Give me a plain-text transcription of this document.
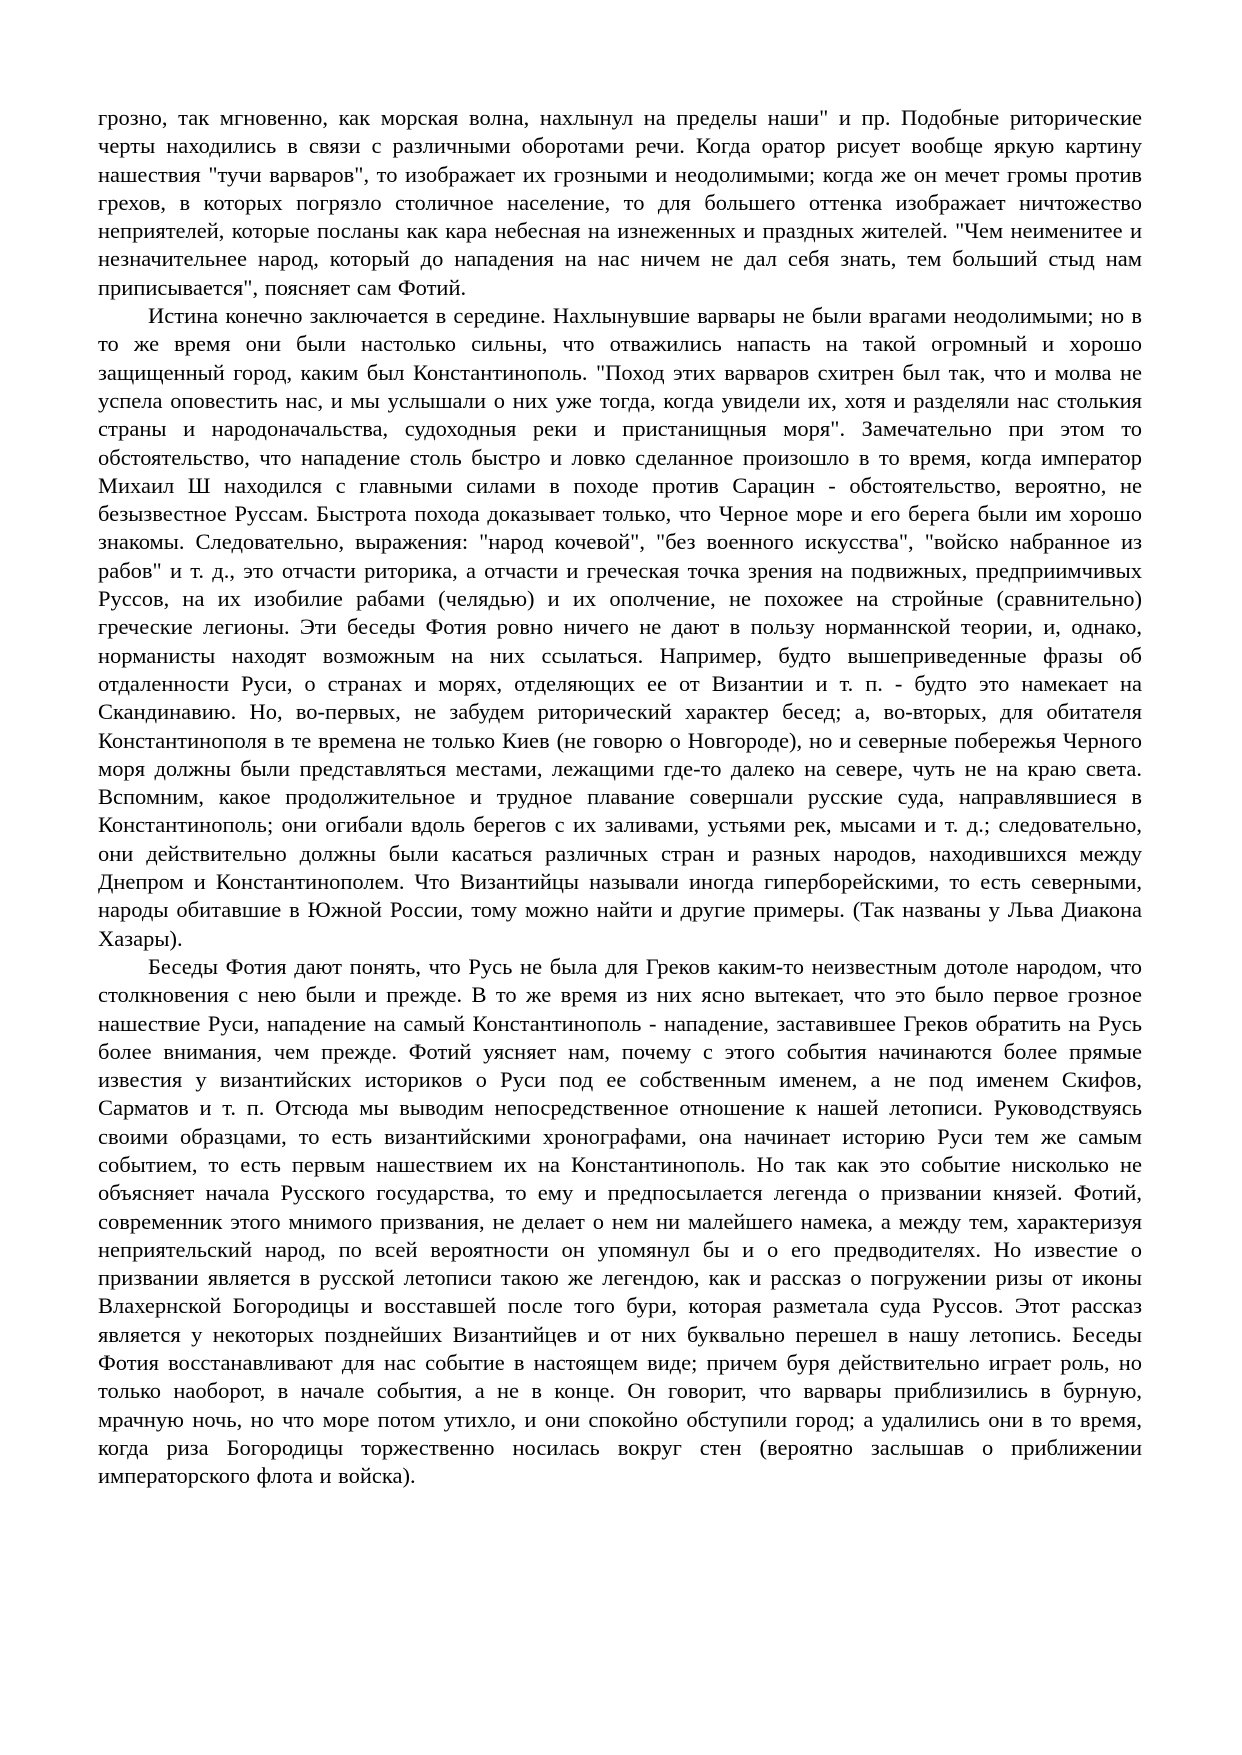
грозно, так мгновенно, как морская волна, нахлынул на пределы наши" и пр. Подобные риторические черты находились в связи с различными оборотами речи. Когда оратор рисует вообще яркую картину нашествия "тучи варваров", то изображает их грозными и неодолимыми; когда же он мечет громы против грехов, в которых погрязло столичное население, то для большего оттенка изображает ничтожество неприятелей, которые посланы как кара небесная на изнеженных и праздных жителей. "Чем неименитее и незначительнее народ, который до нападения на нас ничем не дал себя знать, тем больший стыд нам приписывается", поясняет сам Фотий.

Истина конечно заключается в середине. Нахлынувшие варвары не были врагами неодолимыми; но в то же время они были настолько сильны, что отважились напасть на такой огромный и хорошо защищенный город, каким был Константинополь. "Поход этих варваров схитрен был так, что и молва не успела оповестить нас, и мы услышали о них уже тогда, когда увидели их, хотя и разделяли нас столькия страны и народоначальства, судоходныя реки и пристанищныя моря". Замечательно при этом то обстоятельство, что нападение столь быстро и ловко сделанное произошло в то время, когда император Михаил Ш находился с главными силами в походе против Сарацин - обстоятельство, вероятно, не безызвестное Руссам. Быстрота похода доказывает только, что Черное море и его берега были им хорошо знакомы. Следовательно, выражения: "народ кочевой", "без военного искусства", "войско набранное из рабов" и т. д., это отчасти риторика, а отчасти и греческая точка зрения на подвижных, предприимчивых Руссов, на их изобилие рабами (челядью) и их ополчение, не похожее на стройные (сравнительно) греческие легионы. Эти беседы Фотия ровно ничего не дают в пользу норманнской теории, и, однако, норманисты находят возможным на них ссылаться. Например, будто вышеприведенные фразы об отдаленности Руси, о странах и морях, отделяющих ее от Византии и т. п. - будто это намекает на Скандинавию. Но, во-первых, не забудем риторический характер бесед; а, во-вторых, для обитателя Константинополя в те времена не только Киев (не говорю о Новгороде), но и северные побережья Черного моря должны были представляться местами, лежащими где-то далеко на севере, чуть не на краю света. Вспомним, какое продолжительное и трудное плавание совершали русские суда, направлявшиеся в Константинополь; они огибали вдоль берегов с их заливами, устьями рек, мысами и т. д.; следовательно, они действительно должны были касаться различных стран и разных народов, находившихся между Днепром и Константинополем. Что Византийцы называли иногда гиперборейскими, то есть северными, народы обитавшие в Южной России, тому можно найти и другие примеры. (Так названы у Льва Диакона Хазары).

Беседы Фотия дают понять, что Русь не была для Греков каким-то неизвестным дотоле народом, что столкновения с нею были и прежде. В то же время из них ясно вытекает, что это было первое грозное нашествие Руси, нападение на самый Константинополь - нападение, заставившее Греков обратить на Русь более внимания, чем прежде. Фотий уясняет нам, почему с этого события начинаются более прямые известия у византийских историков о Руси под ее собственным именем, а не под именем Скифов, Сарматов и т. п. Отсюда мы выводим непосредственное отношение к нашей летописи. Руководствуясь своими образцами, то есть византийскими хронографами, она начинает историю Руси тем же самым событием, то есть первым нашествием их на Константинополь. Но так как это событие нисколько не объясняет начала Русского государства, то ему и предпосылается легенда о призвании князей. Фотий, современник этого мнимого призвания, не делает о нем ни малейшего намека, а между тем, характеризуя неприятельский народ, по всей вероятности он упомянул бы и о его предводителях. Но известие о призвании является в русской летописи такою же легендою, как и рассказ о погружении ризы от иконы Влахернской Богородицы и восставшей после того бури, которая разметала суда Руссов. Этот рассказ является у некоторых позднейших Византийцев и от них буквально перешел в нашу летопись. Беседы Фотия восстанавливают для нас событие в настоящем виде; причем буря действительно играет роль, но только наоборот, в начале события, а не в конце. Он говорит, что варвары приблизились в бурную, мрачную ночь, но что море потом утихло, и они спокойно обступили город; а удалились они в то время, когда риза Богородицы торжественно носилась вокруг стен (вероятно заслышав о приближении императорского флота и войска).
